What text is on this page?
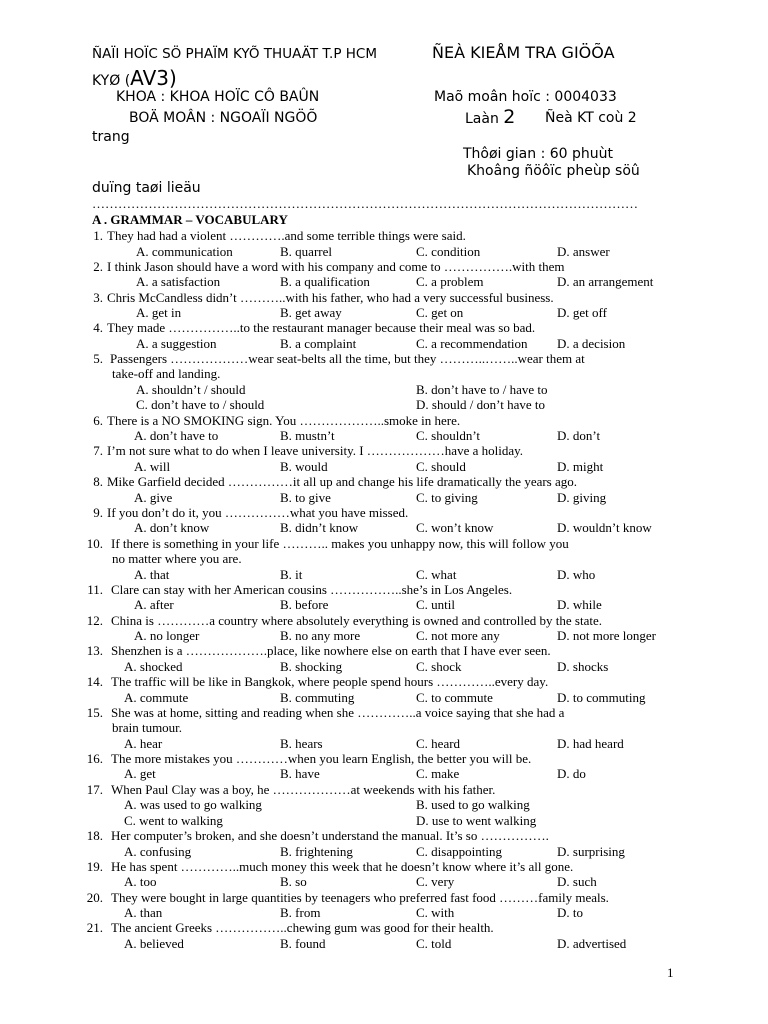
ÑAÏI HOÏC SÖ PHAÏM KYÕ THUAÄT T.P HCM	ÑEÀ KIEÅM TRA GIÖÕA
KYØ (AV3)
KHOA : KHOA HOÏC CÔ BAÛN	Maõ moân hoïc : 0004033
BOÄ MOÂN : NGOAÏI NGÖÕ	Laàn 2 Ñeà KT coù 2
trang
Thôøi gian : 60 phuùt
Khoâng ñöôïc pheùp söû
duïng taøi lieäu
………………………………………………………………………………………………………………
A . GRAMMAR – VOCABULARY
1. They had had a violent ………….and some terrible things were said.
A. communication	B. quarrel	C. condition	D. answer
2. I think Jason should have a word with his company and come to …………….with them
A. a satisfaction	B. a qualification	C. a problem	D. an arrangement
3. Chris McCandless didn’t ………..with his father, who had a very successful business.
A. get in	B. get away	C. get on	D. get off
4. They made ……………..to the restaurant manager because their meal was so bad.
A. a suggestion	B. a complaint	C. a recommendation D. a decision
5. Passengers ………………wear seat-belts all the time, but they ………..……..wear them at
take-off and landing.
A. shouldn’t / should	B. don’t have to / have to
C. don’t have to / should	D. should / don’t have to
6. There is a NO SMOKING sign. You ………………..smoke in here.
A. don’t have to	B. mustn’t	C. shouldn’t	D. don’t
7. I’m not sure what to do when I leave university. I ………………have a holiday.
A. will	B. would	C. should	D. might
8. Mike Garfield decided ……………it all up and change his life dramatically the years ago.
A. give	B. to give	C. to giving	D. giving
9. If you don’t do it, you ……………what you have missed.
A. don’t know	B. didn’t know	C. won’t know	D. wouldn’t know
10. If there is something in your life ……….. makes you unhappy now, this will follow you
no matter where you are.
A. that	B. it	C. what	D. who
11. Clare can stay with her American cousins ……………..she’s in Los Angeles.
A. after	B. before	C. until	D. while
12. China is …………a country where absolutely everything is owned and controlled by the state.
A. no longer	B. no any more	C. not more any	D. not more longer
13. Shenzhen is a ……………….place, like nowhere else on earth that I have ever seen.
A. shocked	B. shocking	C. shock	D. shocks
14. The traffic will be like in Bangkok, where people spend hours …………..every day.
A. commute	B. commuting	C. to commute	D. to commuting
15. She was at home, sitting and reading when she …………..a voice saying that she had a
brain tumour.
A. hear	B. hears	C. heard	D. had heard
16. The more mistakes you …………when you learn English, the better you will be.
A. get	B. have	C. make	D. do
17. When Paul Clay was a boy, he ………………at weekends with his father.
A. was used to go walking	B. used to go walking
C. went to walking	D. use to went walking
18. Her computer’s broken, and she doesn’t understand the manual. It’s so …………….
A. confusing	B. frightening	C. disappointing	D. surprising
19. He has spent …………..much money this week that he doesn’t know where it’s all gone.
A. too	B. so	C. very	D. such
20. They were bought in large quantities by teenagers who preferred fast food ………family meals.
A. than	B. from	C. with	D. to
21. The ancient Greeks ……………..chewing gum was good for their health.
A. believed	B. found	C. told	D. advertised
1
